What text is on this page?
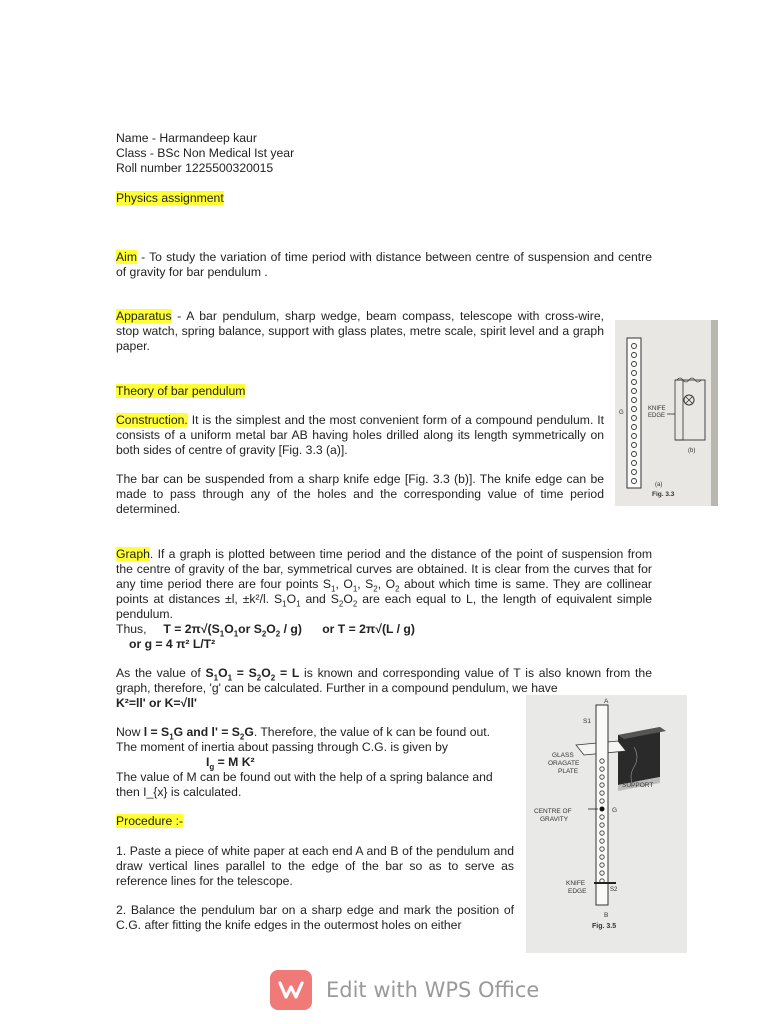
Name - Harmandeep kaur
Class - BSc Non Medical Ist year
Roll number 1225500320015
Physics assignment
Aim - To study the variation of time period with distance between centre of suspension and centre of gravity for bar pendulum .
Apparatus - A bar pendulum, sharp wedge, beam compass, telescope with cross-wire, stop watch, spring balance, support with glass plates, metre scale, spirit level and a graph paper.
Theory of bar pendulum
Construction. It is the simplest and the most convenient form of a compound pendulum. It consists of a uniform metal bar AB having holes drilled along its length symmetrically on both sides of centre of gravity [Fig. 3.3 (a)].
The bar can be suspended from a sharp knife edge [Fig. 3.3 (b)]. The knife edge can be made to pass through any of the holes and the corresponding value of time period determined.
G
KNIFE
EDGE
(b)
(a)
Fig. 3.3
Graph. If a graph is plotted between time period and the distance of the point of suspension from the centre of gravity of the bar, symmetrical curves are obtained. It is clear from the curves that for any time period there are four points $S_1$, $O_1$, $S_2$, $O_2$ about which time is same. They are collinear points at distances ±l, ±k²/l. $S_1O_1$ and $S_2O_2$ are each equal to L, the length of equivalent simple pendulum.
Thus, $T = 2\pi√(S_1O_1or$ $S_2O_2 / g$) or T = 2π√(L / g)
or g = 4 π² L/T²
As the value of $S_1O_1 = S_2O_2 = L$ is known and corresponding value of T is also known from the graph, therefore, 'g' can be calculated. Further in a compound pendulum, we have
K²=ll' or K=√ll'
Now $l = S_1G$ and $l' = S_2G$. Therefore, the value of k can be found out.
The moment of inertia about passing through C.G. is given by
$I_g = M$ K²
The value of M can be found out with the help of a spring balance and then I_{x} is calculated.
Procedure :-
1. Paste a piece of white paper at each end A and B of the pendulum and draw vertical lines parallel to the edge of the bar so as to serve as reference lines for the telescope.
2. Balance the pendulum bar on a sharp edge and mark the position of C.G. after fitting the knife edges in the outermost holes on either
A
B
S1
S2
GLASS
ORAGATE
PLATE
SUPPORT
CENTRE OF
GRAVITY
G
KNIFE
EDGE
Fig. 3.5
Edit with WPS Office
